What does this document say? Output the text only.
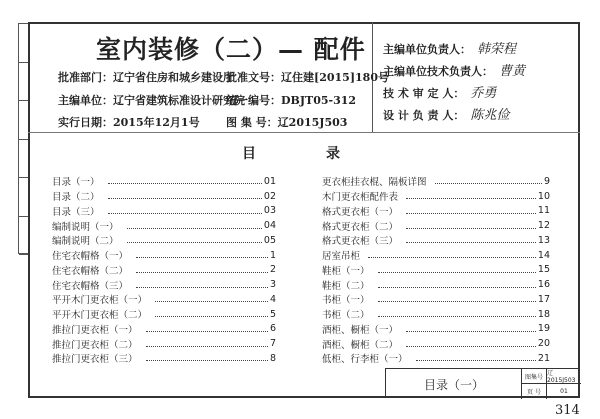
室内装修（二）— 配件
批准部门：辽宁省住房和城乡建设厅
批准文号：辽住建[2015]180号
主编单位：辽宁省建筑标准设计研究院
统一编号：DBJT05-312
实行日期：2015年12月1号 图 集 号：辽2015J503
主编单位负责人： 韩荣程
主编单位技术负责人： 曹黄
技 术 审 定 人： 乔勇
设 计 负 责 人： 陈兆俭
目录
目录（一）	01
目录（二）	02
目录（三）	03
编制说明（一）	04
编制说明（二）	05
住宅衣帽格（一）	1
住宅衣帽格（二）	2
住宅衣帽格（三）	3
平开木门更衣柜（一）	4
平开木门更衣柜（二）	5
推拉门更衣柜（一）	6
推拉门更衣柜（二）	7
推拉门更衣柜（三）	8
更衣柜挂衣棍、隔板详图	9
木门更衣柜配件表	10
格式更衣柜（一）	11
格式更衣柜（二）	12
格式更衣柜（三）	13
居室吊柜	14
鞋柜（一）	15
鞋柜（二）	16
书柜（一）	17
书柜（二）	18
酒柜、橱柜（一）	19
酒柜、橱柜（二）	20
低柜、行李柜（一）	21
目录（一）
图集号 辽2015J503
页 号	01
314
